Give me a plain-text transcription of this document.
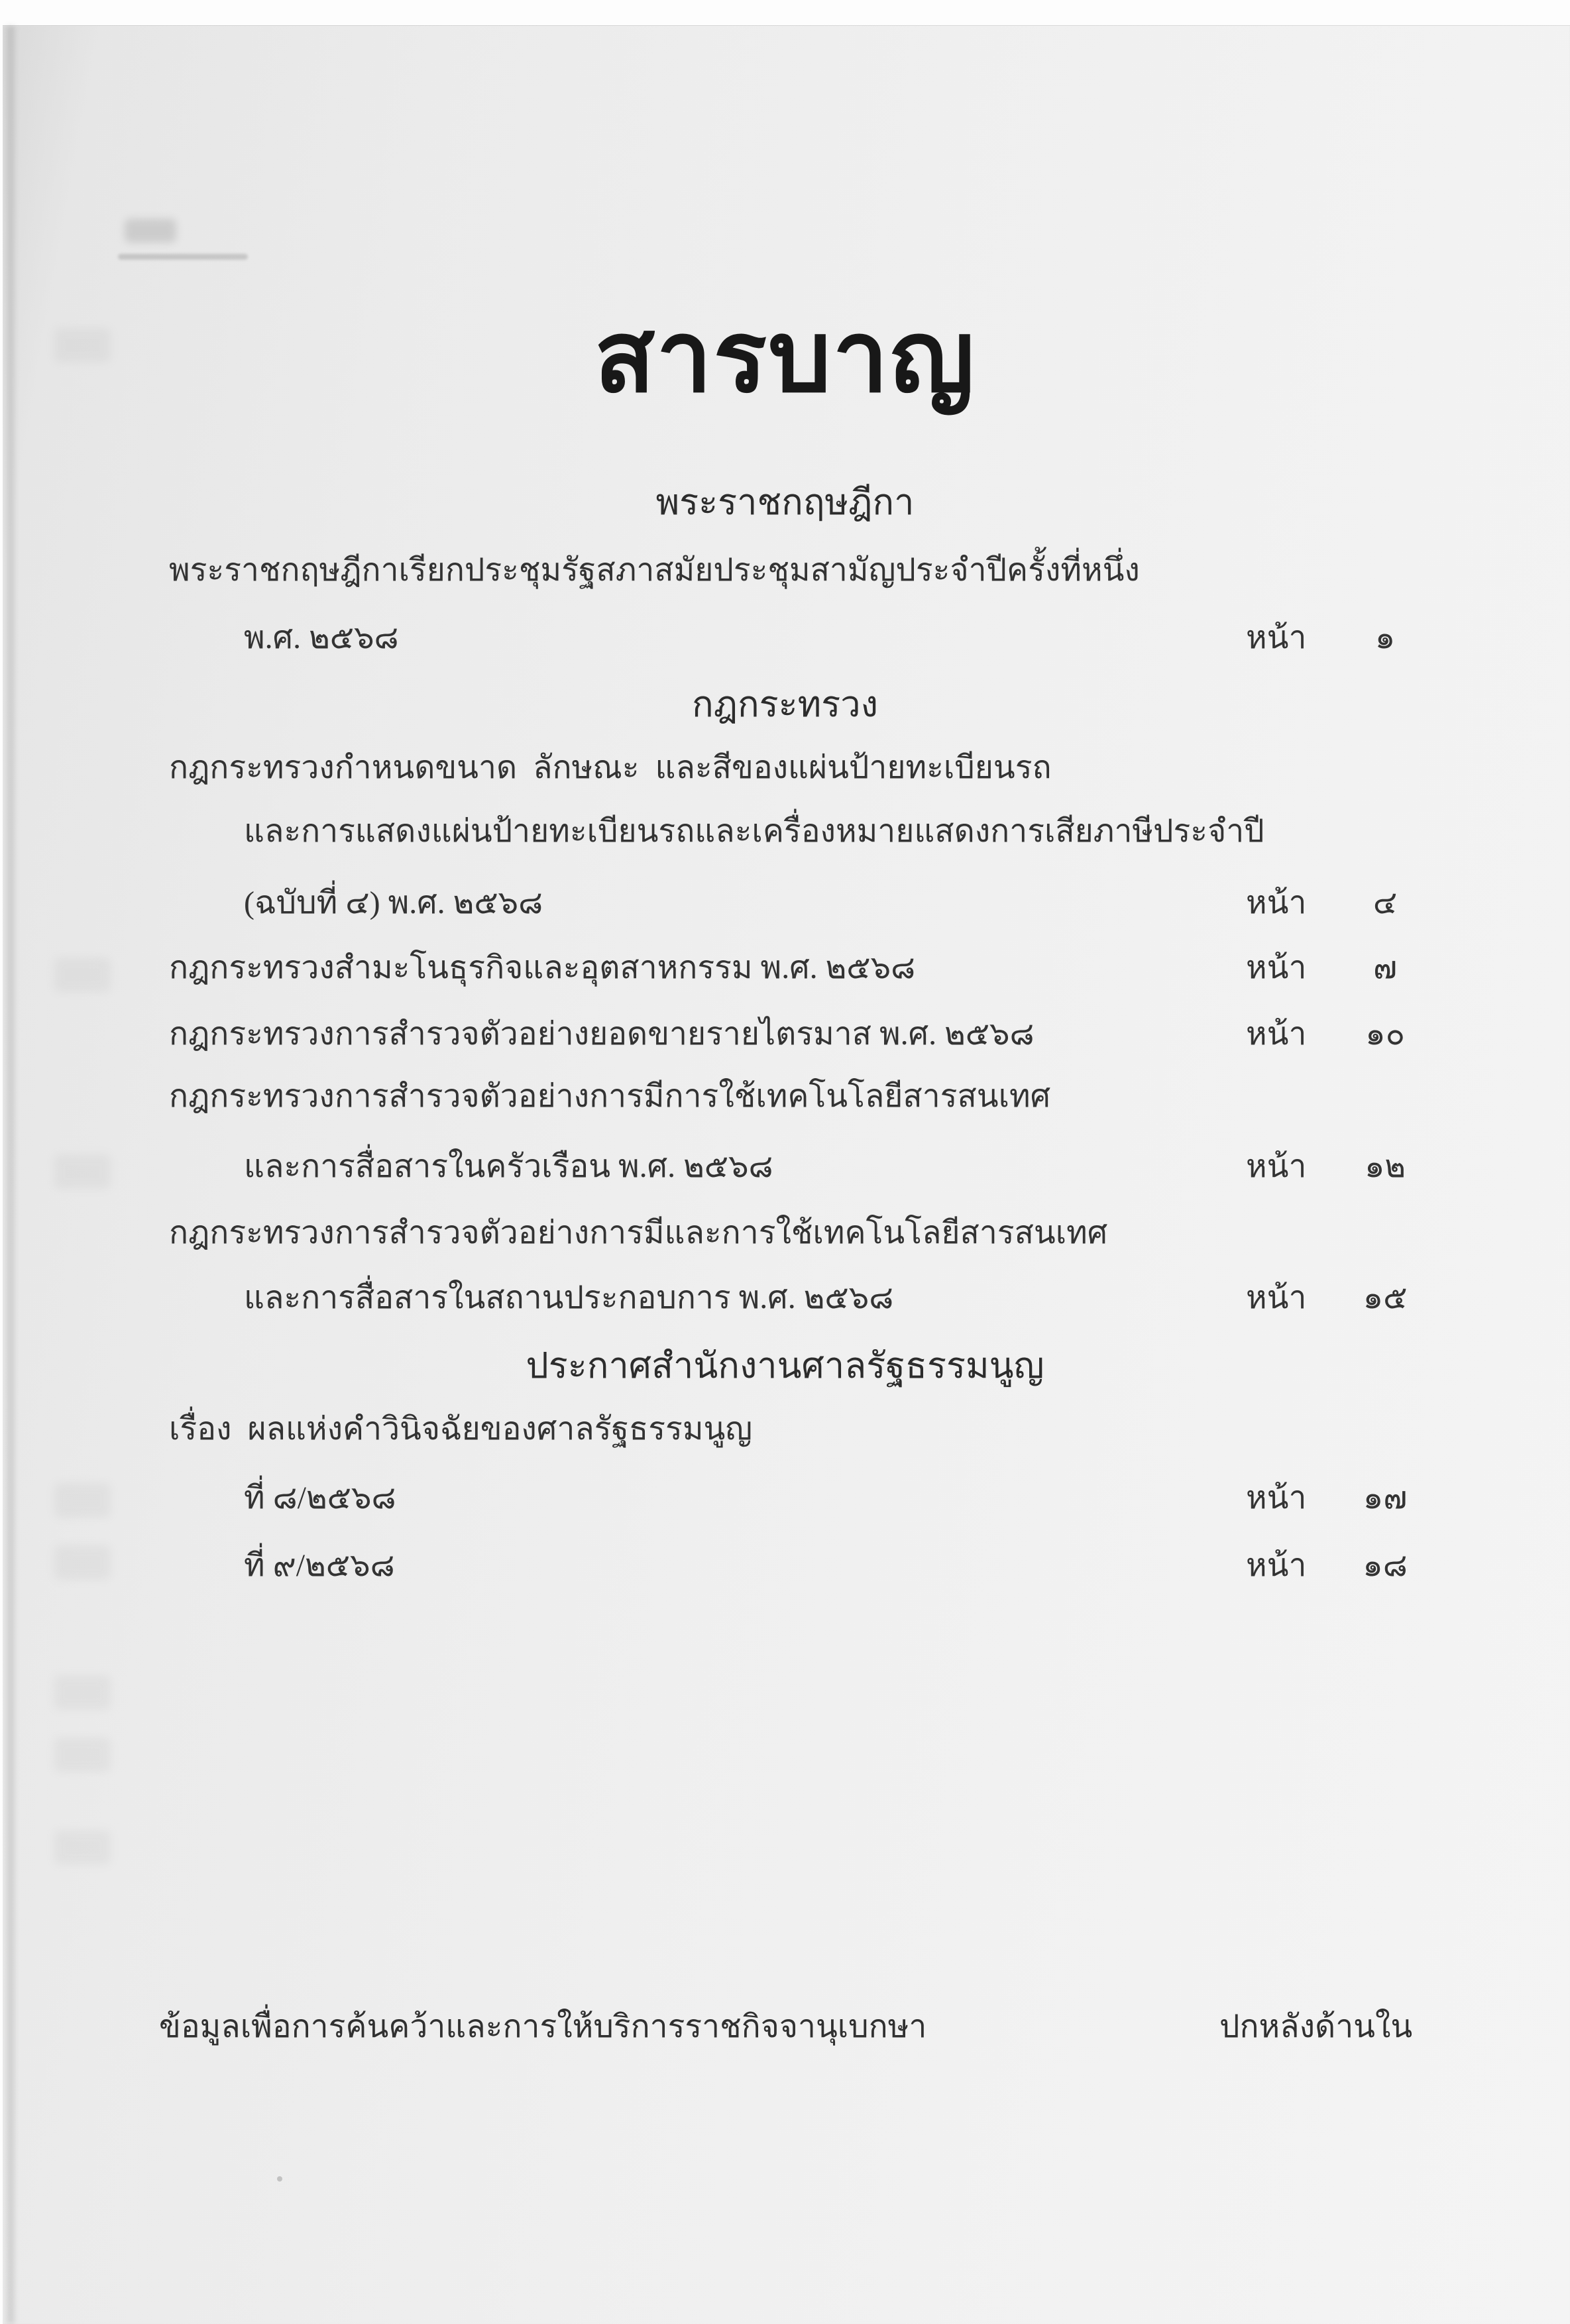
สารบาญ
พระราชกฤษฎีกา
พระราชกฤษฎีกาเรียกประชุมรัฐสภาสมัยประชุมสามัญประจำปีครั้งที่หนึ่ง
พ.ศ. ๒๕๖๘	หน้า	๑
กฎกระทรวง
กฎกระทรวงกำหนดขนาด  ลักษณะ  และสีของแผ่นป้ายทะเบียนรถ
และการแสดงแผ่นป้ายทะเบียนรถและเครื่องหมายแสดงการเสียภาษีประจำปี
(ฉบับที่ ๔) พ.ศ. ๒๕๖๘	หน้า	๔
กฎกระทรวงสำมะโนธุรกิจและอุตสาหกรรม พ.ศ. ๒๕๖๘	หน้า	๗
กฎกระทรวงการสำรวจตัวอย่างยอดขายรายไตรมาส พ.ศ. ๒๕๖๘	หน้า	๑๐
กฎกระทรวงการสำรวจตัวอย่างการมีการใช้เทคโนโลยีสารสนเทศ
และการสื่อสารในครัวเรือน พ.ศ. ๒๕๖๘	หน้า	๑๒
กฎกระทรวงการสำรวจตัวอย่างการมีและการใช้เทคโนโลยีสารสนเทศ
และการสื่อสารในสถานประกอบการ พ.ศ. ๒๕๖๘	หน้า	๑๕
ประกาศสำนักงานศาลรัฐธรรมนูญ
เรื่อง  ผลแห่งคำวินิจฉัยของศาลรัฐธรรมนูญ
ที่ ๘/๒๕๖๘	หน้า	๑๗
ที่ ๙/๒๕๖๘	หน้า	๑๘
ข้อมูลเพื่อการค้นคว้าและการให้บริการราชกิจจานุเบกษา	ปกหลังด้านใน
